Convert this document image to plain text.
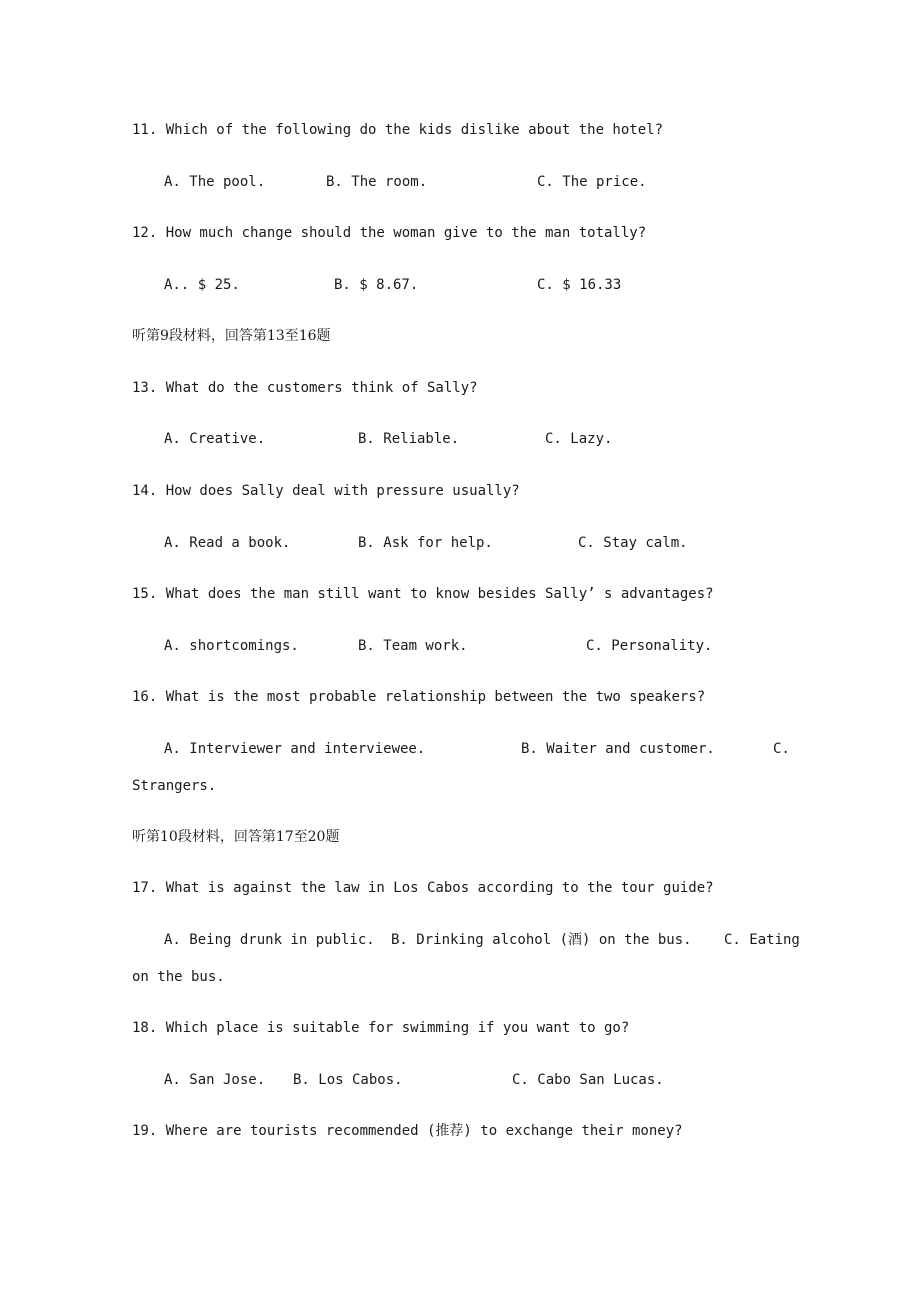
11. Which of the following do the kids dislike about the hotel?
A. The pool.	B. The room.	C. The price.
12. How much change should the woman give to the man totally?
A.. $ 25.	B. $ 8.67.	C. $ 16.33
听第9段材料，回答第13至16题
13. What do the customers think of Sally?
A. Creative.	B. Reliable.	C. Lazy.
14. How does Sally deal with pressure usually?
A. Read a book.	B. Ask for help.	C. Stay calm.
15. What does the man still want to know besides Sally’ s advantages?
A. shortcomings.	B. Team work.	C. Personality.
16. What is the most probable relationship between the two speakers?
A. Interviewer and interviewee.	B. Waiter and customer.	C.
Strangers.
听第10段材料，回答第17至20题
17. What is against the law in Los Cabos according to the tour guide?
A. Being drunk in public. B. Drinking alcohol (酒) on the bus. C. Eating
on the bus.
18. Which place is suitable for swimming if you want to go?
A. San Jose. B. Los Cabos.	C. Cabo San Lucas.
19. Where are tourists recommended (推荐) to exchange their money?
